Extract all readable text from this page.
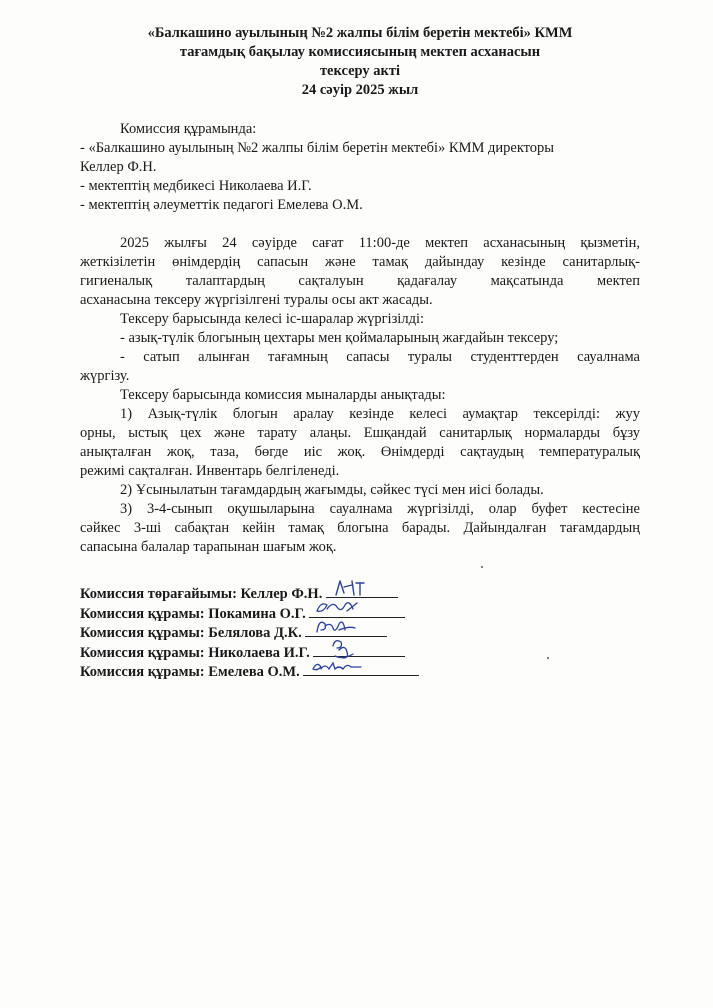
«Балкашино ауылының №2 жалпы білім беретін мектебі» КММ
тағамдық бақылау комиссиясының мектеп асханасын
тексеру акті
24 сәуір 2025 жыл
Комиссия құрамында:
- «Балкашино ауылының №2 жалпы білім беретін мектебі» КММ директоры
Келлер Ф.Н.
- мектептің медбикесі Николаева И.Г.
- мектептің әлеуметтік педагогі Емелева О.М.
2025 жылғы 24 сәуірде сағат 11:00-де мектеп асханасының қызметін,
жеткізілетін өнімдердің сапасын және тамақ дайындау кезінде санитарлық-
гигиеналық талаптардың сақталуын қадағалау мақсатында мектеп
асханасына тексеру жүргізілгені туралы осы акт жасады.
Тексеру барысында келесі іс-шаралар жүргізілді:
- азық-түлік блогының цехтары мен қоймаларының жағдайын тексеру;
- сатып алынған тағамның сапасы туралы студенттерден сауалнама
жүргізу.
Тексеру барысында комиссия мыналарды анықтады:
1) Азық-түлік блогын аралау кезінде келесі аумақтар тексерілді: жуу
орны, ыстық цех және тарату алаңы. Ешқандай санитарлық нормаларды бұзу
анықталған жоқ, таза, бөгде иіс жоқ. Өнімдерді сақтаудың температуралық
режимі сақталған. Инвентарь белгіленеді.
2) Ұсынылатын тағамдардың жағымды, сәйкес түсі мен иісі болады.
3) 3-4-сынып оқушыларына сауалнама жүргізілді, олар буфет кестесіне
сәйкес 3-ші сабақтан кейін тамақ блогына барады. Дайындалған тағамдардың
сапасына балалар тарапынан шағым жоқ.
Комиссия төрағайымы: Келлер Ф.Н.
Комиссия құрамы: Покамина О.Г.
Комиссия құрамы: Белялова Д.К.
Комиссия құрамы: Николаева И.Г.
Комиссия құрамы: Емелева О.М.
